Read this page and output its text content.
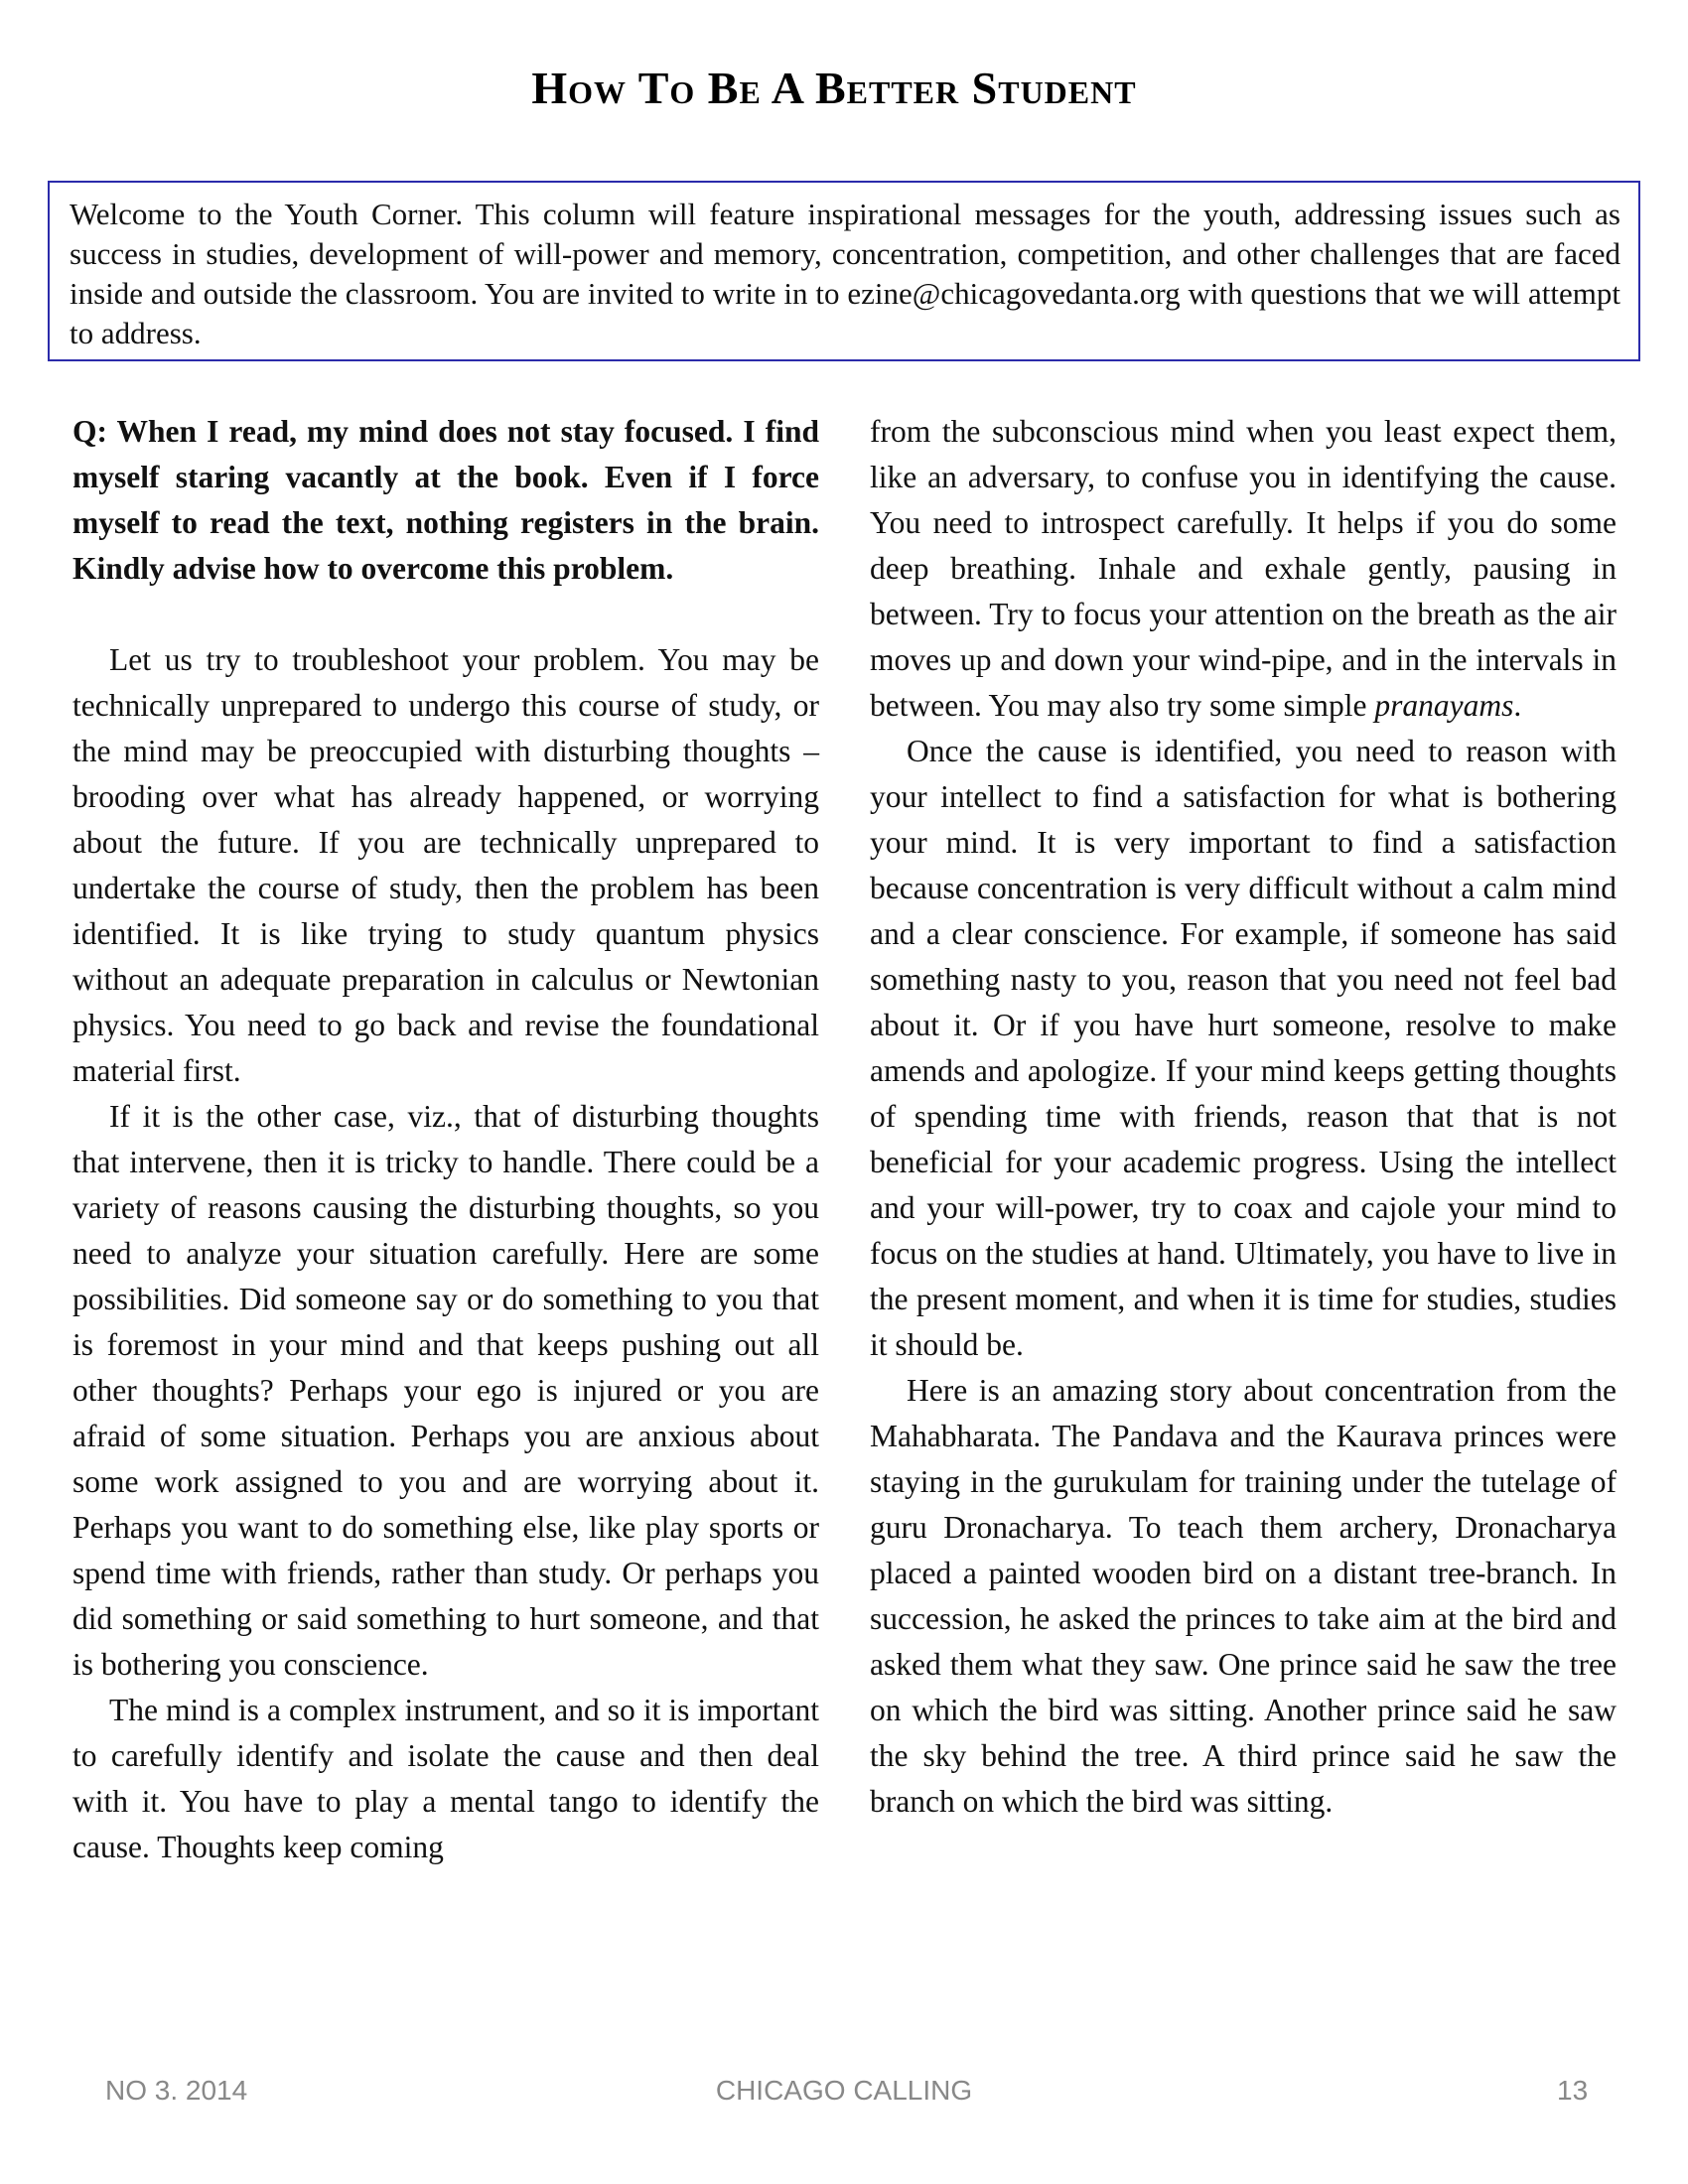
How To Be A Better Student
Welcome to the Youth Corner. This column will feature inspirational messages for the youth, addressing issues such as success in studies, development of will-power and memory, concentration, competition, and other challenges that are faced inside and outside the classroom. You are invited to write in to ezine@chicagovedanta.org with questions that we will attempt to address.

Q: When I read, my mind does not stay focused. I find myself staring vacantly at the book. Even if I force myself to read the text, nothing registers in the brain. Kindly advise how to overcome this problem.

Let us try to troubleshoot your problem. You may be technically unprepared to undergo this course of study, or the mind may be preoccupied with disturbing thoughts – brooding over what has already happened, or worrying about the future. If you are technically unprepared to undertake the course of study, then the problem has been identified. It is like trying to study quantum physics without an adequate preparation in calculus or Newtonian physics. You need to go back and revise the foundational material first.

If it is the other case, viz., that of disturbing thoughts that intervene, then it is tricky to handle. There could be a variety of reasons causing the disturbing thoughts, so you need to analyze your situation carefully. Here are some possibilities. Did someone say or do something to you that is foremost in your mind and that keeps pushing out all other thoughts? Perhaps your ego is injured or you are afraid of some situation. Perhaps you are anxious about some work assigned to you and are worrying about it. Perhaps you want to do something else, like play sports or spend time with friends, rather than study. Or perhaps you did something or said something to hurt someone, and that is bothering you conscience.

The mind is a complex instrument, and so it is important to carefully identify and isolate the cause and then deal with it. You have to play a mental tango to identify the cause. Thoughts keep coming

from the subconscious mind when you least expect them, like an adversary, to confuse you in identifying the cause. You need to introspect carefully. It helps if you do some deep breathing. Inhale and exhale gently, pausing in between. Try to focus your attention on the breath as the air moves up and down your wind-pipe, and in the intervals in between. You may also try some simple pranayams.

Once the cause is identified, you need to reason with your intellect to find a satisfaction for what is bothering your mind. It is very important to find a satisfaction because concentration is very difficult without a calm mind and a clear conscience. For example, if someone has said something nasty to you, reason that you need not feel bad about it. Or if you have hurt someone, resolve to make amends and apologize. If your mind keeps getting thoughts of spending time with friends, reason that that is not beneficial for your academic progress. Using the intellect and your will-power, try to coax and cajole your mind to focus on the studies at hand. Ultimately, you have to live in the present moment, and when it is time for studies, studies it should be.

Here is an amazing story about concentration from the Mahabharata. The Pandava and the Kaurava princes were staying in the gurukulam for training under the tutelage of guru Dronacharya. To teach them archery, Dronacharya placed a painted wooden bird on a distant tree-branch. In succession, he asked the princes to take aim at the bird and asked them what they saw. One prince said he saw the tree on which the bird was sitting. Another prince said he saw the sky behind the tree. A third prince said he saw the branch on which the bird was sitting.

CHICAGO CALLING
NO 3. 2014	13
